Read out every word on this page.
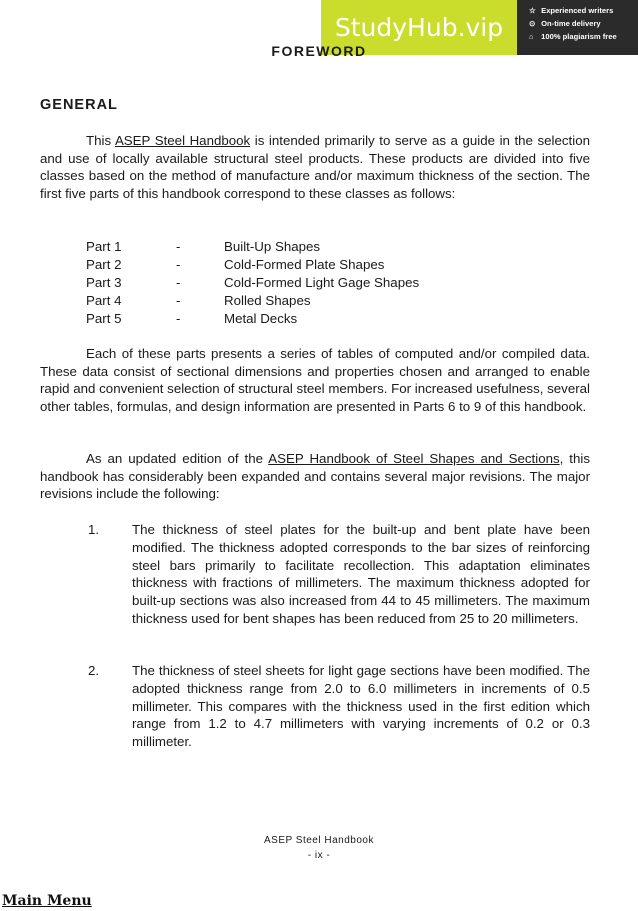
StudyHub.vip
☆ Experienced writers
⊙ On-time delivery
⌂ 100% plagiarism free
FOREWORD
GENERAL

This ASEP Steel Handbook is intended primarily to serve as a guide in the selection and use of locally available structural steel products. These products are divided into five classes based on the method of manufacture and/or maximum thickness of the section. The first five parts of this handbook correspond to these classes as follows:

Part 1	-	Built-Up Shapes
Part 2	-	Cold-Formed Plate Shapes
Part 3	-	Cold-Formed Light Gage Shapes
Part 4	-	Rolled Shapes
Part 5	-	Metal Decks

Each of these parts presents a series of tables of computed and/or compiled data. These data consist of sectional dimensions and properties chosen and arranged to enable rapid and convenient selection of structural steel members. For increased usefulness, several other tables, formulas, and design information are presented in Parts 6 to 9 of this handbook.

As an updated edition of the ASEP Handbook of Steel Shapes and Sections, this handbook has considerably been expanded and contains several major revisions. The major revisions include the following:

1.	The thickness of steel plates for the built-up and bent plate have been modified. The thickness adopted corresponds to the bar sizes of reinforcing steel bars primarily to facilitate recollection. This adaptation eliminates thickness with fractions of millimeters. The maximum thickness adopted for built-up sections was also increased from 44 to 45 millimeters. The maximum thickness used for bent shapes has been reduced from 25 to 20 millimeters.

2.	The thickness of steel sheets for light gage sections have been modified. The adopted thickness range from 2.0 to 6.0 millimeters in increments of 0.5 millimeter. This compares with the thickness used in the first edition which range from 1.2 to 4.7 millimeters with varying increments of 0.2 or 0.3 millimeter.

ASEP Steel Handbook
- ix -
Main Menu
